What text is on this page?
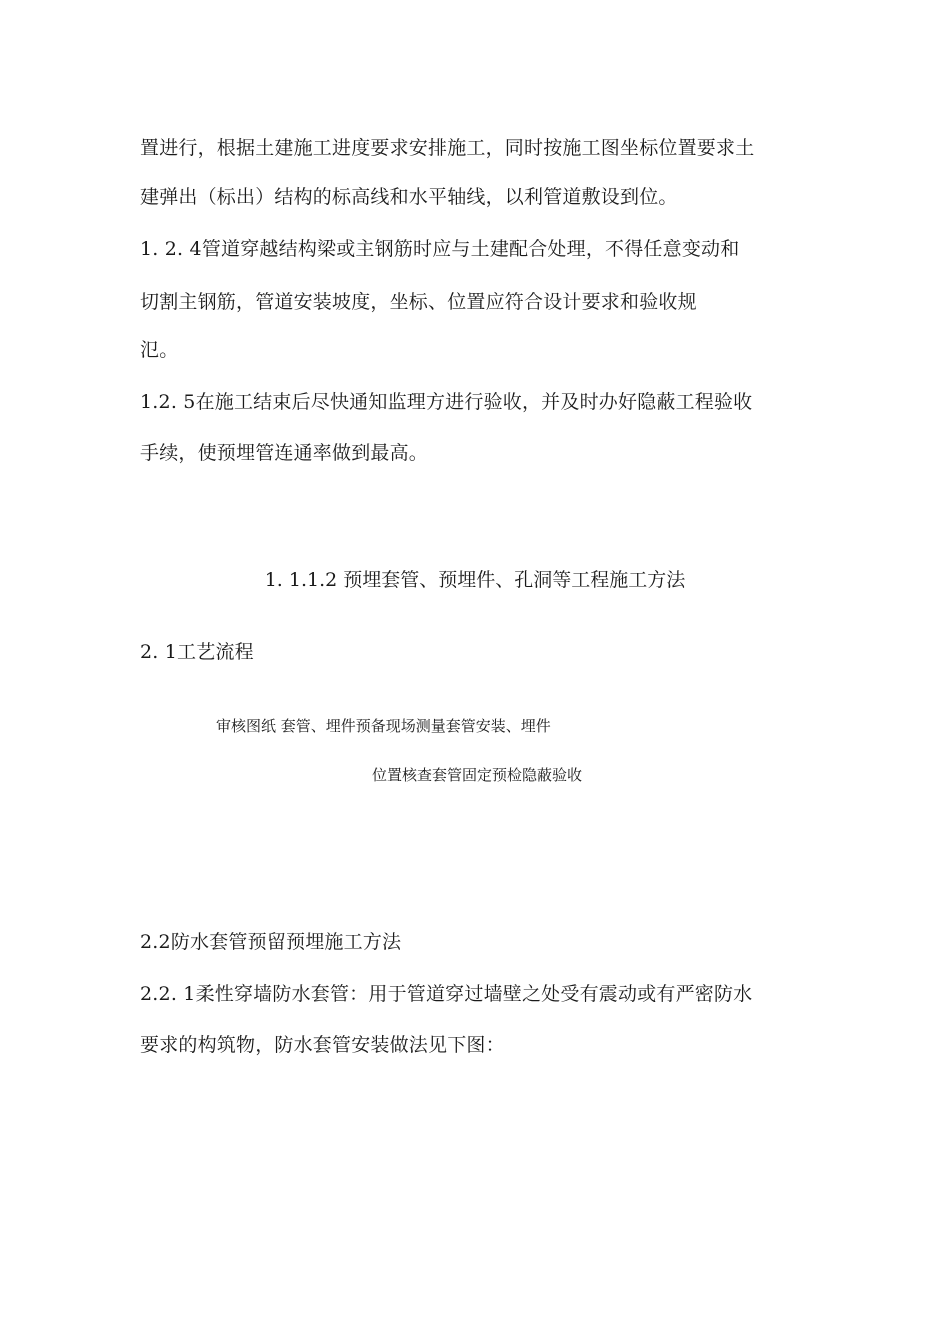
置进行，根据土建施工进度要求安排施工，同时按施工图坐标位置要求土
建弹出（标出）结构的标高线和水平轴线，以利管道敷设到位。
1. 2. 4管道穿越结构梁或主钢筋时应与土建配合处理，不得任意变动和
切割主钢筋，管道安装坡度，坐标、位置应符合设计要求和验收规
氾。
1.2. 5在施工结束后尽快通知监理方进行验收，并及时办好隐蔽工程验收
手续，使预埋管连通率做到最高。
1. 1.1.2 预埋套管、预埋件、孔洞等工程施工方法
2. 1工艺流程
审核图纸 套管、埋件预备现场测量套管安装、埋件
位置核查套管固定预检隐蔽验收
2.2防水套管预留预埋施工方法
2.2. 1柔性穿墙防水套管：用于管道穿过墙壁之处受有震动或有严密防水
要求的构筑物，防水套管安装做法见下图：
